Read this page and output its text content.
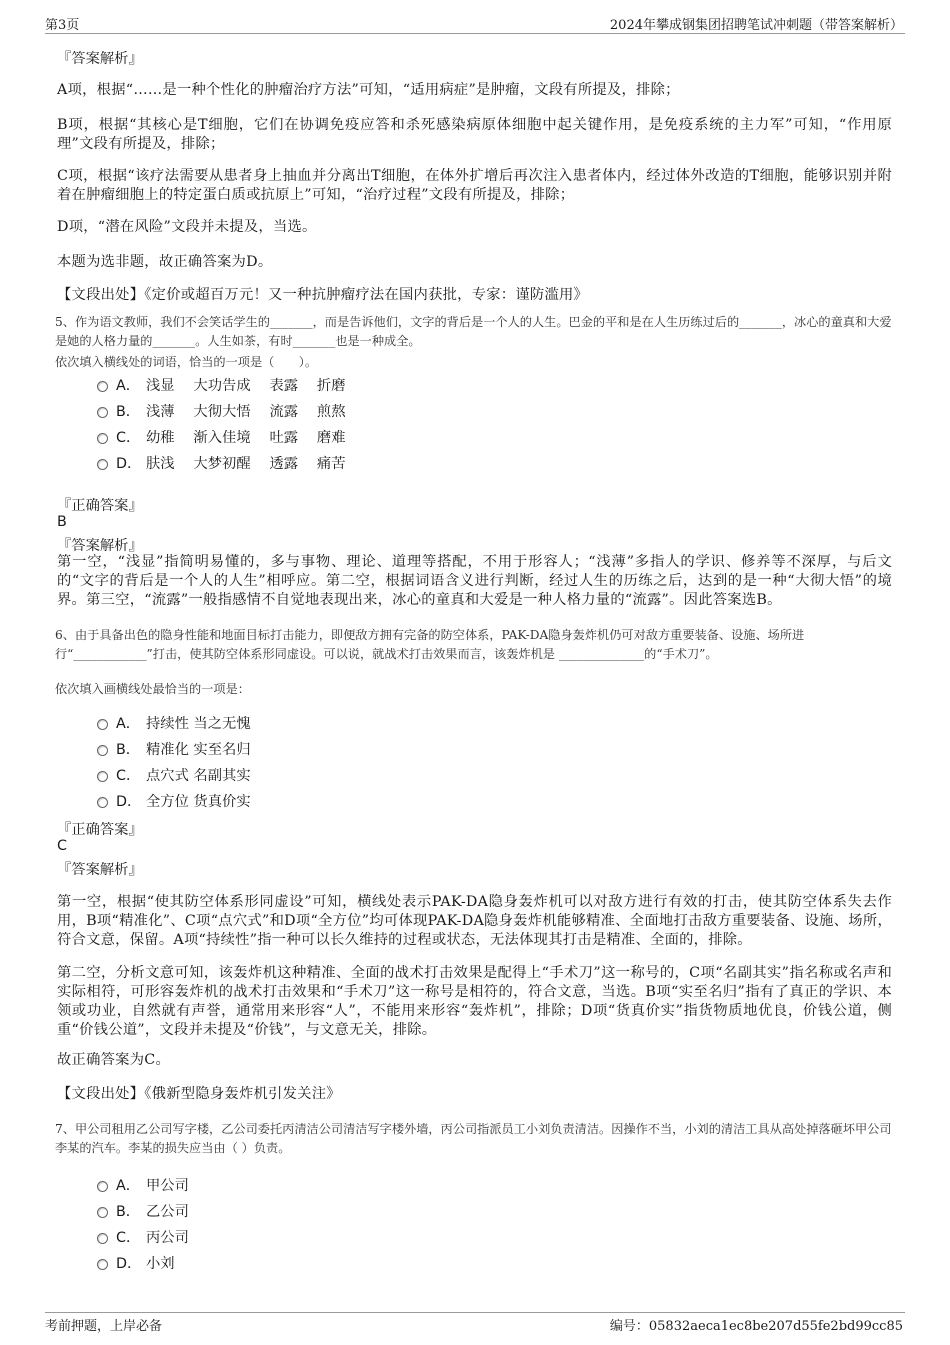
第3页	2024年攀成钢集团招聘笔试冲刺题（带答案解析）
『答案解析』
A项，根据“……是一种个性化的肿瘤治疗方法”可知，“适用病症”是肿瘤，文段有所提及，排除；
B项，根据“其核心是T细胞，它们在协调免疫应答和杀死感染病原体细胞中起关键作用，是免疫系统的主力军”可知，“作用原理”文段有所提及，排除；
C项，根据“该疗法需要从患者身上抽血并分离出T细胞，在体外扩增后再次注入患者体内，经过体外改造的T细胞，能够识别并附着在肿瘤细胞上的特定蛋白质或抗原上”可知，“治疗过程”文段有所提及，排除；
D项，“潜在风险”文段并未提及，当选。
本题为选非题，故正确答案为D。
【文段出处】《定价或超百万元！又一种抗肿瘤疗法在国内获批，专家：谨防滥用》
5、作为语文教师，我们不会笑话学生的_______，而是告诉他们，文字的背后是一个人的人生。巴金的平和是在人生历练过后的_______，冰心的童真和大爱是她的人格力量的_______。人生如茶，有时_______也是一种成全。
依次填入横线处的词语，恰当的一项是（　　）。
A． 浅显　 大功告成　 表露　 折磨
B． 浅薄　 大彻大悟　 流露　 煎熬
C． 幼稚　 渐入佳境　 吐露　 磨难
D． 肤浅　 大梦初醒　 透露　 痛苦
『正确答案』
B
『答案解析』
第一空，“浅显”指简明易懂的，多与事物、理论、道理等搭配，不用于形容人；“浅薄”多指人的学识、修养等不深厚，与后文的“文字的背后是一个人的人生”相呼应。第二空，根据词语含义进行判断，经过人生的历练之后，达到的是一种“大彻大悟”的境界。第三空，“流露”一般指感情不自觉地表现出来，冰心的童真和大爱是一种人格力量的“流露”。因此答案选B。
6、由于具备出色的隐身性能和地面目标打击能力，即便敌方拥有完备的防空体系，PAK-DA隐身轰炸机仍可对敌方重要装备、设施、场所进行“____________”打击，使其防空体系形同虚设。可以说，就战术打击效果而言，该轰炸机是 ______________的“手术刀”。
依次填入画横线处最恰当的一项是：
A． 持续性 当之无愧
B． 精准化 实至名归
C． 点穴式 名副其实
D． 全方位 货真价实
『正确答案』
C
『答案解析』
第一空，根据“使其防空体系形同虚设”可知，横线处表示PAK-DA隐身轰炸机可以对敌方进行有效的打击，使其防空体系失去作用，B项“精准化”、C项“点穴式”和D项“全方位”均可体现PAK-DA隐身轰炸机能够精准、全面地打击敌方重要装备、设施、场所，符合文意，保留。A项“持续性”指一种可以长久维持的过程或状态，无法体现其打击是精准、全面的，排除。
第二空，分析文意可知，该轰炸机这种精准、全面的战术打击效果是配得上“手术刀”这一称号的，C项“名副其实”指名称或名声和实际相符，可形容轰炸机的战术打击效果和“手术刀”这一称号是相符的，符合文意，当选。B项“实至名归”指有了真正的学识、本领或功业，自然就有声誉，通常用来形容“人”，不能用来形容“轰炸机”，排除；D项“货真价实”指货物质地优良，价钱公道，侧重“价钱公道”，文段并未提及“价钱”，与文意无关，排除。
故正确答案为C。
【文段出处】《俄新型隐身轰炸机引发关注》
7、甲公司租用乙公司写字楼，乙公司委托丙清洁公司清洁写字楼外墙，丙公司指派员工小刘负责清洁。因操作不当，小刘的清洁工具从高处掉落砸坏甲公司李某的汽车。李某的损失应当由（ ）负责。
A． 甲公司
B． 乙公司
C． 丙公司
D． 小刘
考前押题，上岸必备	编号：05832aeca1ec8be207d55fe2bd99cc85
